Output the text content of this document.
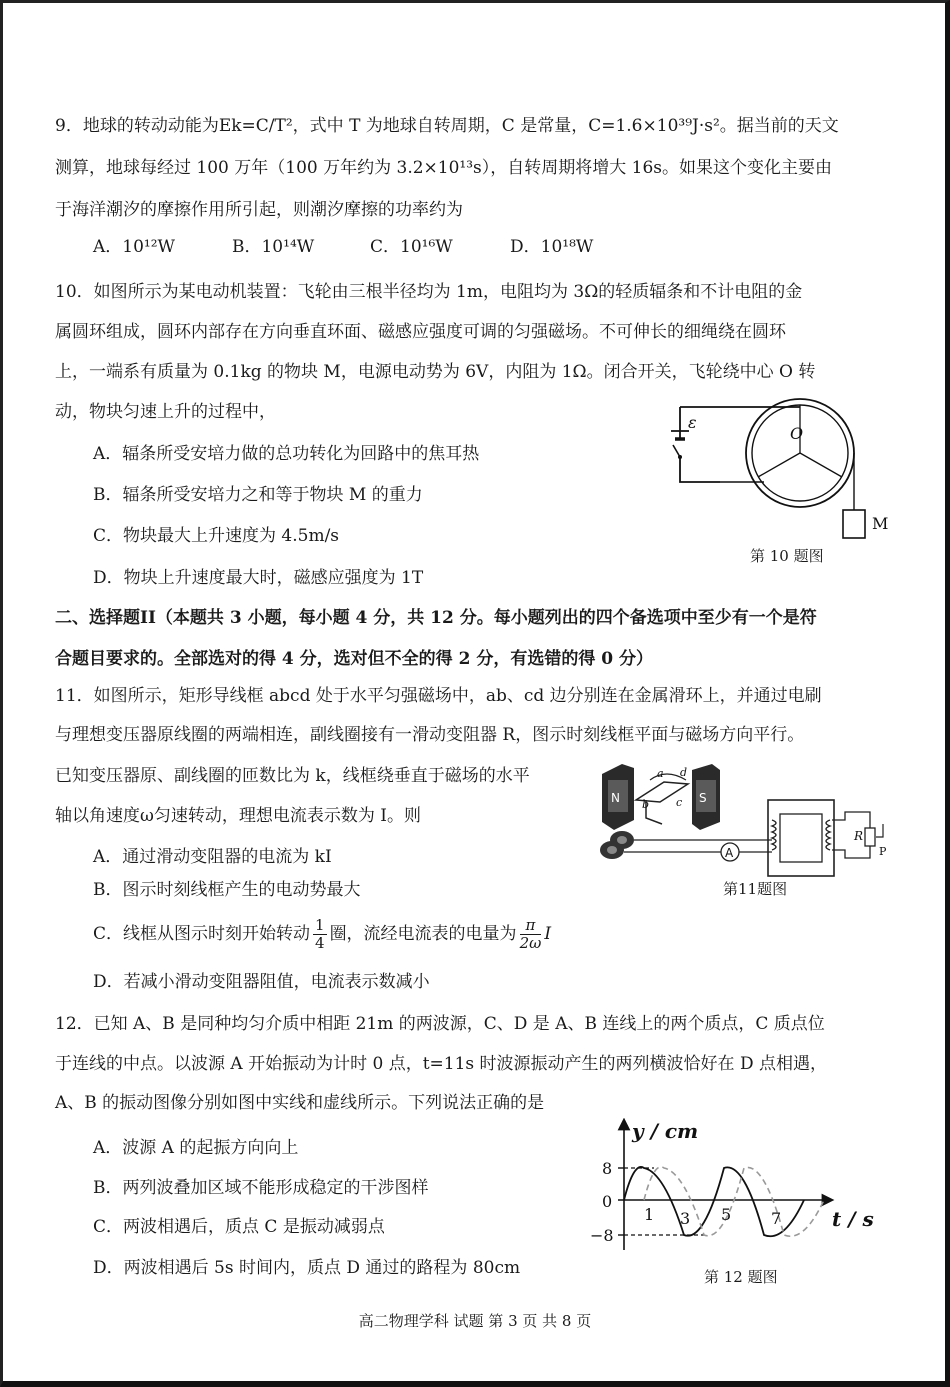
9．地球的转动动能为Ek=C/T²，式中 T 为地球自转周期，C 是常量，C=1.6×10³⁹J·s²。据当前的天文
测算，地球每经过 100 万年（100 万年约为 3.2×10¹³s），自转周期将增大 16s。如果这个变化主要由
于海洋潮汐的摩擦作用所引起，则潮汐摩擦的功率约为
A．10¹²W	B．10¹⁴W	C．10¹⁶W	D．10¹⁸W
10．如图所示为某电动机装置：飞轮由三根半径均为 1m，电阻均为 3Ω的轻质辐条和不计电阻的金
属圆环组成，圆环内部存在方向垂直环面、磁感应强度可调的匀强磁场。不可伸长的细绳绕在圆环
上，一端系有质量为 0.1kg 的物块 M，电源电动势为 6V，内阻为 1Ω。闭合开关，飞轮绕中心 O 转
动，物块匀速上升的过程中，
A．辐条所受安培力做的总功转化为回路中的焦耳热
B．辐条所受安培力之和等于物块 M 的重力
C．物块最大上升速度为 4.5m/s
D．物块上升速度最大时，磁感应强度为 1T
ε
O
M
第 10 题图
二、选择题II（本题共 3 小题，每小题 4 分，共 12 分。每小题列出的四个备选项中至少有一个是符
合题目要求的。全部选对的得 4 分，选对但不全的得 2 分，有选错的得 0 分）
11．如图所示，矩形导线框 abcd 处于水平匀强磁场中，ab、cd 边分别连在金属滑环上，并通过电刷
与理想变压器原线圈的两端相连，副线圈接有一滑动变阻器 R，图示时刻线框平面与磁场方向平行。
已知变压器原、副线圈的匝数比为 k，线框绕垂直于磁场的水平
轴以角速度ω匀速转动，理想电流表示数为 I。则
A．通过滑动变阻器的电流为 kI
B．图示时刻线框产生的电动势最大
C．线框从图示时刻开始转动 $\frac{1}{4}$ 圈，流经电流表的电量为 $\frac{\pi}{2\omega}$ I
D．若减小滑动变阻器阻值，电流表示数减小
N	S
a
b c
d
A
R
P
第11题图
12．已知 A、B 是同种均匀介质中相距 21m 的两波源，C、D 是 A、B 连线上的两个质点，C 质点位
于连线的中点。以波源 A 开始振动为计时 0 点，t=11s 时波源振动产生的两列横波恰好在 D 点相遇，
A、B 的振动图像分别如图中实线和虚线所示。下列说法正确的是
A．波源 A 的起振方向向上
B．两列波叠加区域不能形成稳定的干涉图样
C．两波相遇后，质点 C 是振动减弱点
D．两波相遇后 5s 时间内，质点 D 通过的路程为 80cm
y / cm
t / s
8
0
−8
1 3 5 7
第 12 题图
高二物理学科 试题 第 3 页 共 8 页
